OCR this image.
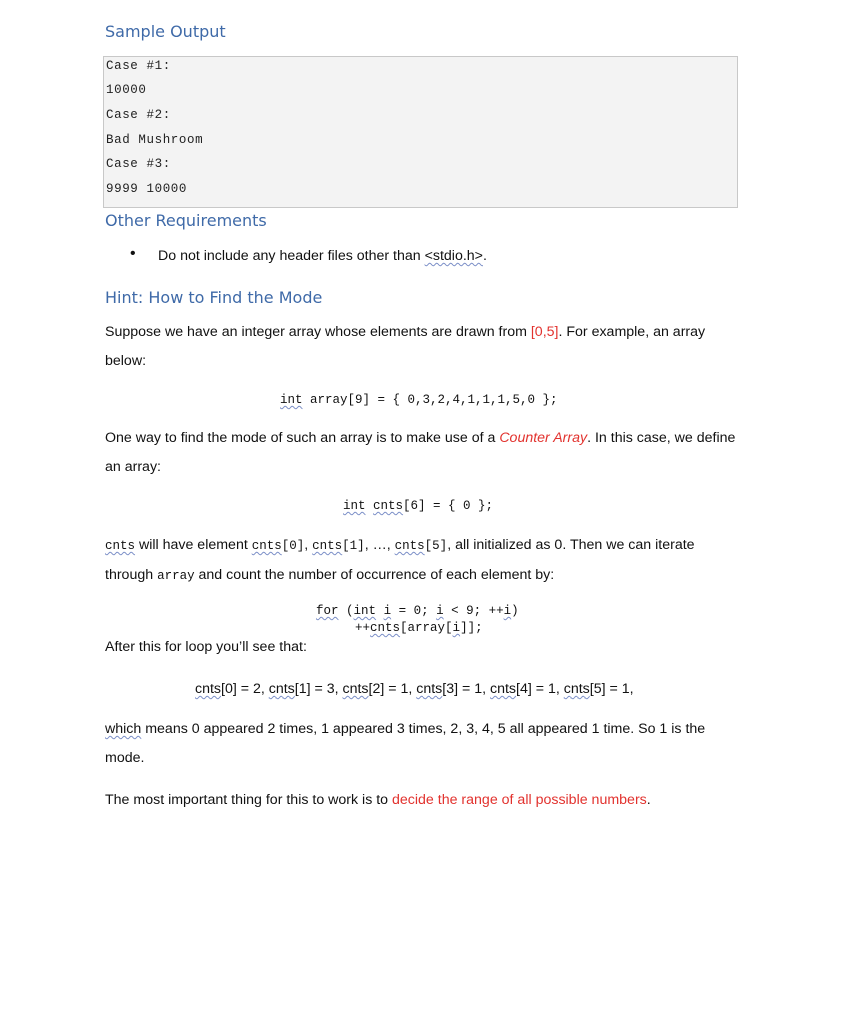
Sample Output
Case #1:
10000
Case #2:
Bad Mushroom
Case #3:
9999 10000
Other Requirements
• Do not include any header files other than <stdio.h>.
Hint: How to Find the Mode
Suppose we have an integer array whose elements are drawn from [0,5]. For example, an array below:
int array[9] = { 0,3,2,4,1,1,1,5,0 };
One way to find the mode of such an array is to make use of a Counter Array. In this case, we define an array:
int cnts[6] = { 0 };
cnts will have element cnts[0], cnts[1], …, cnts[5], all initialized as 0. Then we can iterate through array and count the number of occurrence of each element by:
for (int i = 0; i < 9; ++i)
++cnts[array[i]];
After this for loop you’ll see that:
cnts[0] = 2, cnts[1] = 3, cnts[2] = 1, cnts[3] = 1, cnts[4] = 1, cnts[5] = 1,
which means 0 appeared 2 times, 1 appeared 3 times, 2, 3, 4, 5 all appeared 1 time. So 1 is the mode.
The most important thing for this to work is to decide the range of all possible numbers.
